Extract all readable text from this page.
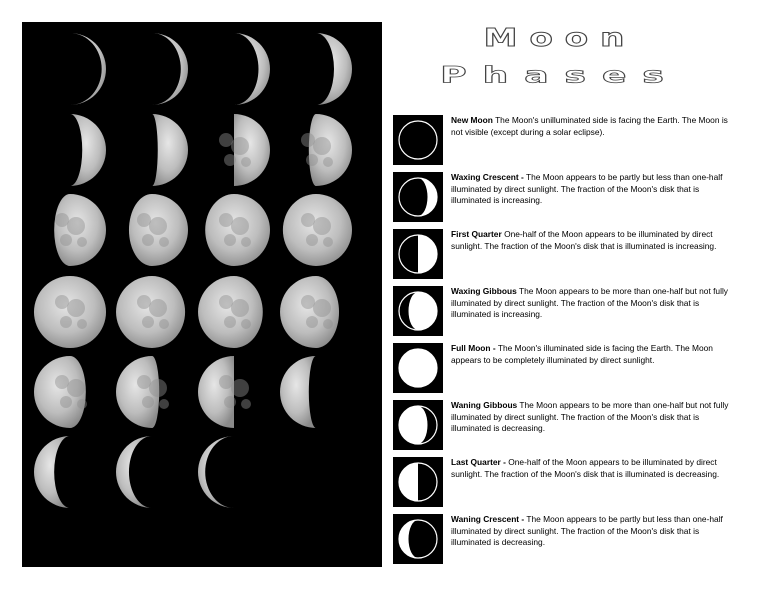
Moon
Phases
New Moon The Moon's unilluminated side is facing the Earth. The Moon is not visible (except during a solar eclipse).
Waxing Crescent - The Moon appears to be partly but less than one-half illuminated by direct sunlight. The fraction of the Moon's disk that is illuminated is increasing.
First Quarter One-half of the Moon appears to be illuminated by direct sunlight. The fraction of the Moon's disk that is illuminated is increasing.
Waxing Gibbous The Moon appears to be more than one-half but not fully illuminated by direct sunlight. The fraction of the Moon's disk that is illuminated is increasing.
Full Moon - The Moon's illuminated side is facing the Earth. The Moon appears to be completely illuminated by direct sunlight.
Waning Gibbous The Moon appears to be more than one-half but not fully illuminated by direct sunlight. The fraction of the Moon's disk that is illuminated is decreasing.
Last Quarter - One-half of the Moon appears to be illuminated by direct sunlight. The fraction of the Moon's disk that is illuminated is decreasing.
Waning Crescent - The Moon appears to be partly but less than one-half illuminated by direct sunlight. The fraction of the Moon's disk that is illuminated is decreasing.
